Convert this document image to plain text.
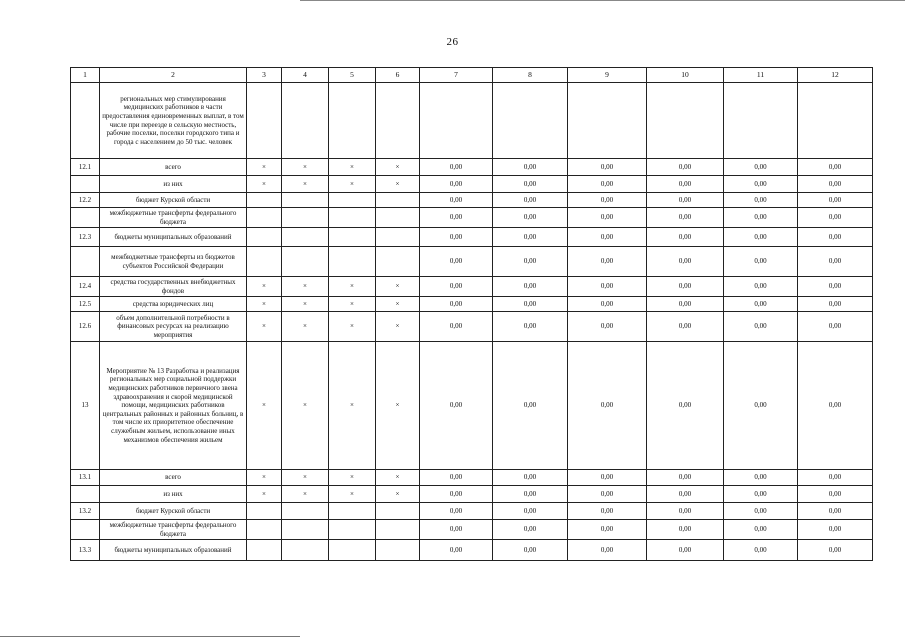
26
1	2	3	4	5	6	7	8	9	10	11	12
	региональных мер стимулирования медицинских работников в части предоставления единовременных выплат, в том числе при переезде в сельскую местность, рабочие поселки, поселки городского типа и города с населением до 50 тыс. человек										
12.1	всего	×	×	×	×	0,00	0,00	0,00	0,00	0,00	0,00
	из них	×	×	×	×	0,00	0,00	0,00	0,00	0,00	0,00
12.2	бюджет Курской области					0,00	0,00	0,00	0,00	0,00	0,00
	межбюджетные трансферты федерального бюджета					0,00	0,00	0,00	0,00	0,00	0,00
12.3	бюджеты муниципальных образований					0,00	0,00	0,00	0,00	0,00	0,00
	межбюджетные трансферты из бюджетов субъектов Российской Федерации					0,00	0,00	0,00	0,00	0,00	0,00
12.4	средства государственных внебюджетных фондов	×	×	×	×	0,00	0,00	0,00	0,00	0,00	0,00
12.5	средства юридических лиц	×	×	×	×	0,00	0,00	0,00	0,00	0,00	0,00
12.6	объем дополнительной потребности в финансовых ресурсах на реализацию мероприятия	×	×	×	×	0,00	0,00	0,00	0,00	0,00	0,00
13	Мероприятие № 13 Разработка и реализация региональных мер социальной поддержки медицинских работников первичного звена здравоохранения и скорой медицинской помощи, медицинских работников центральных районных и районных больниц, в том числе их приоритетное обеспечение служебным жильем, использование иных механизмов обеспечения жильем	×	×	×	×	0,00	0,00	0,00	0,00	0,00	0,00
13.1	всего	×	×	×	×	0,00	0,00	0,00	0,00	0,00	0,00
	из них	×	×	×	×	0,00	0,00	0,00	0,00	0,00	0,00
13.2	бюджет Курской области					0,00	0,00	0,00	0,00	0,00	0,00
	межбюджетные трансферты федерального бюджета					0,00	0,00	0,00	0,00	0,00	0,00
13.3	бюджеты муниципальных образований					0,00	0,00	0,00	0,00	0,00	0,00
